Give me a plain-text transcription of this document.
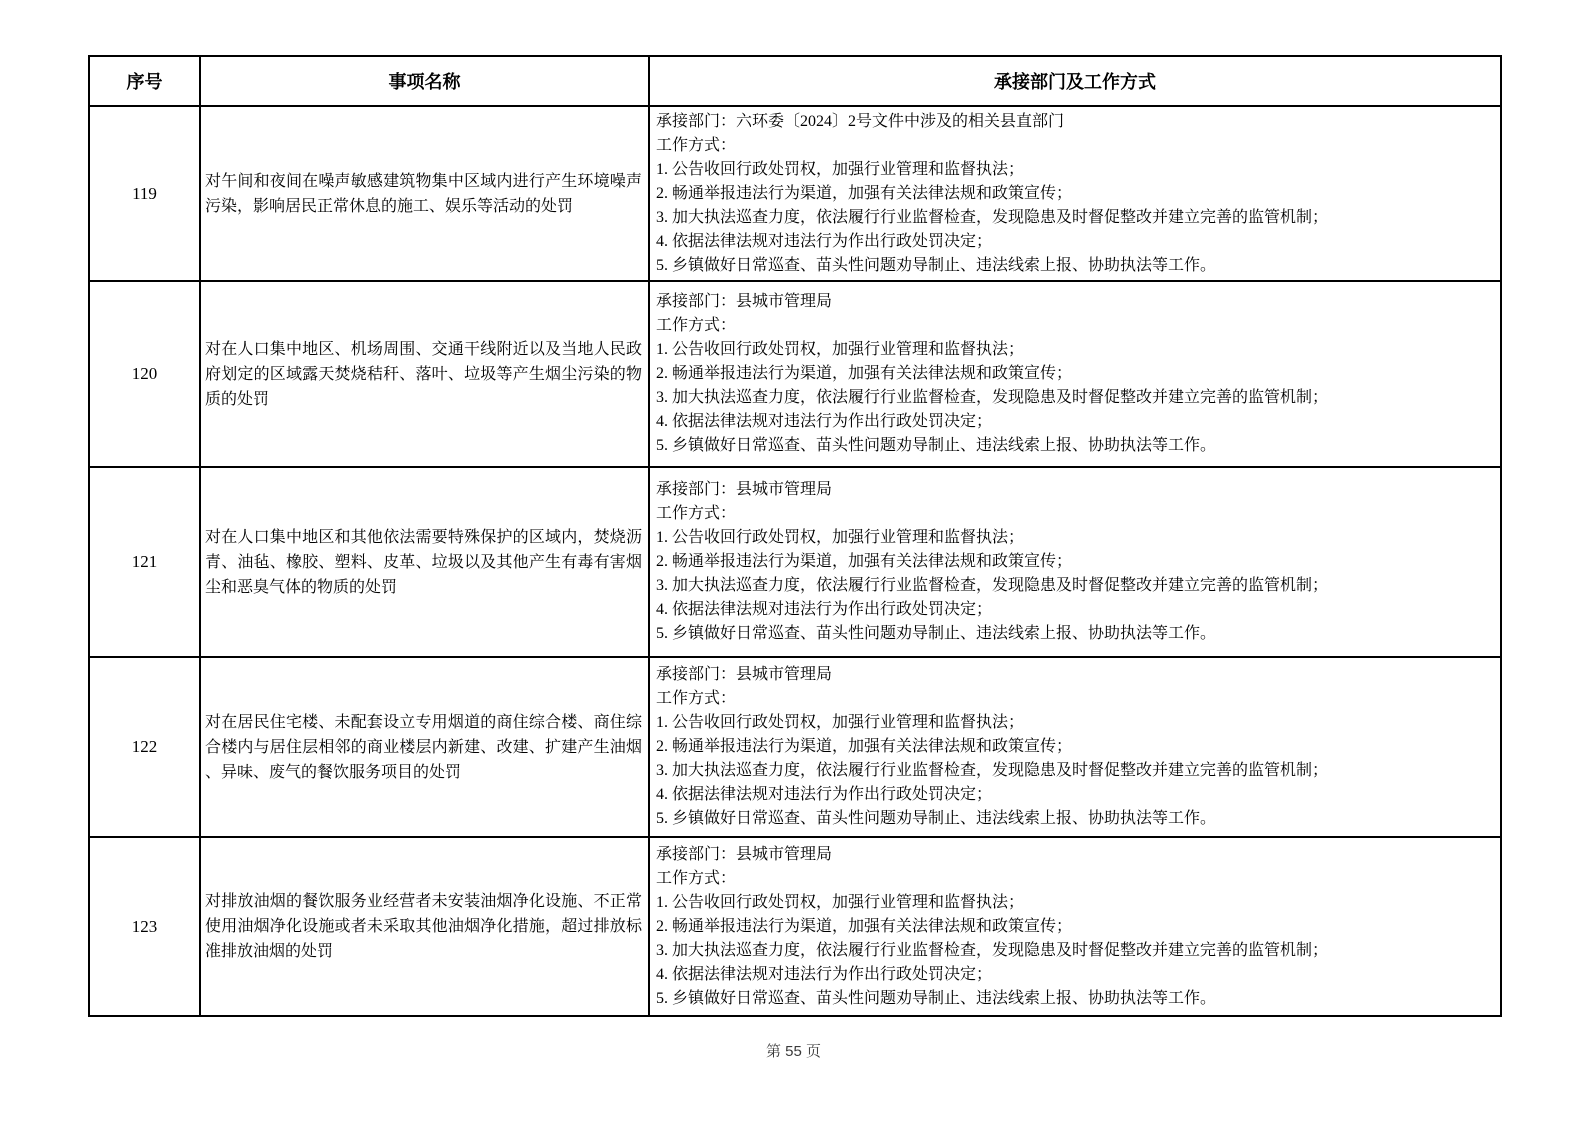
序号	事项名称	承接部门及工作方式
119	对午间和夜间在噪声敏感建筑物集中区域内进行产生环境噪声污染，影响居民正常休息的施工、娱乐等活动的处罚	
承接部门：六环委〔2024〕2号文件中涉及的相关县直部门
工作方式：
1. 公告收回行政处罚权，加强行业管理和监督执法；
2. 畅通举报违法行为渠道，加强有关法律法规和政策宣传；
3. 加大执法巡查力度，依法履行行业监督检查，发现隐患及时督促整改并建立完善的监管机制；
4. 依据法律法规对违法行为作出行政处罚决定；
5. 乡镇做好日常巡查、苗头性问题劝导制止、违法线索上报、协助执法等工作。

120	对在人口集中地区、机场周围、交通干线附近以及当地人民政府划定的区域露天焚烧秸秆、落叶、垃圾等产生烟尘污染的物质的处罚	
承接部门：县城市管理局
工作方式：
1. 公告收回行政处罚权，加强行业管理和监督执法；
2. 畅通举报违法行为渠道，加强有关法律法规和政策宣传；
3. 加大执法巡查力度，依法履行行业监督检查，发现隐患及时督促整改并建立完善的监管机制；
4. 依据法律法规对违法行为作出行政处罚决定；
5. 乡镇做好日常巡查、苗头性问题劝导制止、违法线索上报、协助执法等工作。

121	对在人口集中地区和其他依法需要特殊保护的区域内，焚烧沥青、油毡、橡胶、塑料、皮革、垃圾以及其他产生有毒有害烟尘和恶臭气体的物质的处罚	
承接部门：县城市管理局
工作方式：
1. 公告收回行政处罚权，加强行业管理和监督执法；
2. 畅通举报违法行为渠道，加强有关法律法规和政策宣传；
3. 加大执法巡查力度，依法履行行业监督检查，发现隐患及时督促整改并建立完善的监管机制；
4. 依据法律法规对违法行为作出行政处罚决定；
5. 乡镇做好日常巡查、苗头性问题劝导制止、违法线索上报、协助执法等工作。

122	对在居民住宅楼、未配套设立专用烟道的商住综合楼、商住综合楼内与居住层相邻的商业楼层内新建、改建、扩建产生油烟、异味、废气的餐饮服务项目的处罚	
承接部门：县城市管理局
工作方式：
1. 公告收回行政处罚权，加强行业管理和监督执法；
2. 畅通举报违法行为渠道，加强有关法律法规和政策宣传；
3. 加大执法巡查力度，依法履行行业监督检查，发现隐患及时督促整改并建立完善的监管机制；
4. 依据法律法规对违法行为作出行政处罚决定；
5. 乡镇做好日常巡查、苗头性问题劝导制止、违法线索上报、协助执法等工作。

123	对排放油烟的餐饮服务业经营者未安装油烟净化设施、不正常使用油烟净化设施或者未采取其他油烟净化措施，超过排放标准排放油烟的处罚	
承接部门：县城市管理局
工作方式：
1. 公告收回行政处罚权，加强行业管理和监督执法；
2. 畅通举报违法行为渠道，加强有关法律法规和政策宣传；
3. 加大执法巡查力度，依法履行行业监督检查，发现隐患及时督促整改并建立完善的监管机制；
4. 依据法律法规对违法行为作出行政处罚决定；
5. 乡镇做好日常巡查、苗头性问题劝导制止、违法线索上报、协助执法等工作。
第 55 页
